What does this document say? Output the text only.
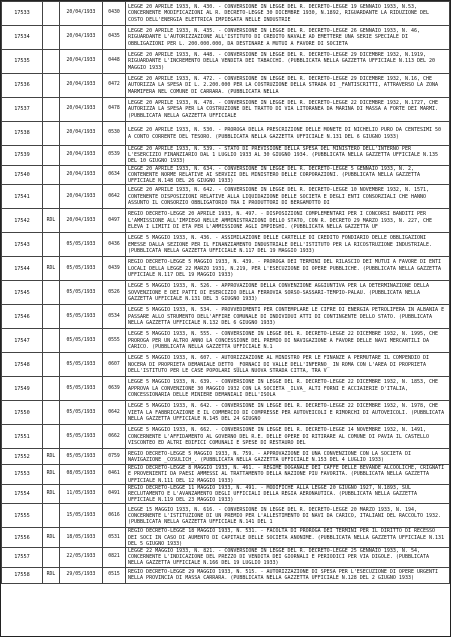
17533		20/04/1933	0430	LEGGE 20 APRILE 1933, N. 430. - CONVERSIONE IN LEGGE DEL R. DECRETO-LEGGE 19 GENNAIO 1933, N.53, CONCERNENTE MODIFICAZIONI AL R. DECRETO-LEGGE 30 DICEMBRE 1930, N.1892, RIGUARDANTE LA RIDUZIONE DEL COSTO DELL'ENERGIA ELETTRICA IMPIEGATA NELLE INDUSTRIE
17534		20/04/1933	0435	LEGGE 20 APRILE 1933, N. 435. - CONVERSIONE IN LEGGE DEL R. DECRETO-LEGGE 26 GENNAIO 1933, N. 46, RIGUARDANTE L'AUTORIZZAZIONE ALL'ISTITUTO DI CREDITO NAVALE AD EMETTERE UNA SERIE SPECIALE DI OBBLIGAZIONI PER L. 200.000.000, DA DESTINARE A MUTUI A FAVORE DI SOCIETA
17535		20/04/1933	0448	LEGGE 20 APRILE 1933, N. 448. - CONVERSIONE IN LEGGE DEL R. DECRETO-LEGGE 29 DICEMBRE 1932, N.1919, RIGUARDANTE L'INCREMENTO DELLA VENDITA DEI TABACCHI. (PUBBLICATA NELLA GAZZETTA UFFICIALE N.113 DEL 20 MAGGIO 1933)
17536		20/04/1933	0472	LEGGE 20 APRILE 1933, N. 472. - CONVERSIONE IN LEGGE DEL R. DECRETO-LEGGE 29 DICEMBRE 1932, N.16, CHE AUTORIZZA LA SPESA DI L. 2.200.000 PER LA COSTRUZIONE DELLA STRADA DI _FANTISCRITTI, ATTRAVERSO LA ZONA MARMIFERA NEL COMUNE DI CARRARA. (PUBBLICATA NELLA
17537		20/04/1933	0478	LEGGE 20 APRILE 1933, N. 478. - CONVERSIONE IN LEGGE DEL R. DECRETO-LEGGE 22 DICEMBRE 1932, N.1727, CHE AUTORIZZA LA SPESA PER LA COSTRUZIONE DEL TRATTO DI VIA LITORANEA DA MARINA DI MASSA A FORTE DEI MARMI. (PUBBLICATA NELLA GAZZETTA UFFICIALE
17538		20/04/1933	0530	LEGGE 20 APRILE 1933, N. 530. - PROROGA DELLA PRESCRIZIONE DELLE MONETE DI NICHELIO PURO DA CENTESIMI 50 A CONTO CORRENTE DEL TESORO. (PUBBLICATA NELLA GAZZETTA UFFICIALE N.131 DEL 6 GIUGNO 1933)
17539		20/04/1933	0539	LEGGE 20 APRILE 1933, N. 539. - STATO DI PREVISIONE DELLA SPESA DEL MINISTERO DELL'INTERNO PER L'ESERCIZIO FINANZIARIO DAL 1 LUGLIO 1933 AL 30 GIUGNO 1934. (PUBBLICATA NELLA GAZZETTA UFFICIALE N.135 DEL 10 GIUGNO 1933)
17540		20/04/1933	0634	LEGGE 20 APRILE 1933, N. 634. - CONVERSIONE IN LEGGE DEL R. DECRETO-LEGGE 5 GENNAIO 1933, N. 2, CONTENENTE NORME RELATIVE AI SERVIZI DEL MINISTERO DELLE CORPORAZIONI. (PUBBLICATA NELLA GAZZETTA UFFICIALE N.148 DEL 26 GIUGNO 1933)
17541		20/04/1933	0642	LEGGE 20 APRILE 1933, N. 642. - CONVERSIONE IN LEGGE DEL R. DECRETO-LEGGE 10 NOVEMBRE 1932, N. 1571, CONTENENTE DISPOSIZIONI RELATIVE ALLA LIQUIDAZIONE DELLE SOCIETA E DEGLI ENTI CONSORZIALI CHE HANNO ASSUNTO IL CONSORZIO OBBLIGATORIO TRA I PRODUTTORI DI BERGAMOTTO DI
17542	RDL	20/04/1933	0497	REGIO DECRETO-LEGGE 20 APRILE 1933, N. 497. - DISPOSIZIONI COMPLEMENTARI PER I CONCORSI BANDITI PER L'AMMISSIONE ALL'IMPIEGO NELLE AMMINISTRAZIONI DELLO STATO, CON R. DECRETO 29 MARZO 1933, N. 227, CHE ELEVA I LIMITI DI ETA PER L'AMMISSIONE AGLI IMPIEGHI. (PUBBLICATA NELLA GAZZETTA UF
17543		05/05/1933	0436	LEGGE 5 MAGGIO 1933, N. 436. - ASSIMILAZIONE DELLE CARTELLE DI CREDITO FONDIARIO DELLE OBBLIGAZIONI EMESSE DALLA SEZIONE PER IL FINANZIAMENTO INDUSTRIALE DELL'ISTITUTO PER LA RICOSTRUZIONE INDUSTRIALE. (PUBBLICATA NELLA GAZZETTA UFFICIALE N.117 DEL 19 MAGGIO 1933)
17544	RDL	05/05/1933	0439	REGIO DECRETO-LEGGE 5 MAGGIO 1933, N. 439. - PROROGA DEI TERMINI DEL RILASCIO DEI MUTUI A FAVORE DI ENTI LOCALI DELLA LEGGE 22 MARZO 1931, N.219, PER L'ESECUZIONE DI OPERE PUBBLICHE. (PUBBLICATA NELLA GAZZETTA UFFICIALE N.117 DEL 19 MAGGIO 1933)
17545		05/05/1933	0526	LEGGE 5 MAGGIO 1933, N. 526. - APPROVAZIONE DELLA CONVENZIONE AGGIUNTIVA PER LA DETERMINAZIONE DELLA SOVVENZIONE E DEI PATTI DI ESERCIZIO DELLA FERROVIA SORSO-SASSARI-TEMPIO-PALAU. (PUBBLICATA NELLA GAZZETTA UFFICIALE N.131 DEL 3 GIUGNO 1933)
17546		05/05/1933	0534	LEGGE 5 MAGGIO 1933, N. 534. - PROVVEDIMENTI PER CONTEMPLARE LE CIFRE DI ENERGIA PETROLIFERA IN ALBANIA E PASSARE ALLO STRUMENTO DELL'AFFIRE COMUNALE DI INDIVIDUI ATTI DI CONTINGENTE DELLO STATO. (PUBBLICATA NELLA GAZZETTA UFFICIALE N.132 DEL 6 GIUGNO 1933)
17547		05/05/1933	0555	LEGGE 5 MAGGIO 1933, N. 555. - CONVERSIONE IN LEGGE DEL R. DECRETO-LEGGE 22 DICEMBRE 1932, N. 1995, CHE PROROGA PER UN ALTRO ANNO LA CONCESSIONE DEL PREMIO DI NAVIGAZIONE A FAVORE DELLE NAVI MERCANTILI DA CARICO. (PUBBLICATA NELLA GAZZETTA UFFICIALE N.1
17548		05/05/1933	0607	LEGGE 5 MAGGIO 1933, N. 607. - AUTORIZZAZIONE AL MINISTRO PER LE FINANZE A PERMUTARE IL COMPENDIO DI NOCERA DI PROPRIETA DEMANIALE DETTO _FORNACI DI VALLE DELL'INFERNO_ IN ROMA CON L'AREA DI PROPRIETA DELL'ISTITUTO PER LE CASE POPOLARI SULLA NUOVA STRADA CITTA, TRA V
17549		05/05/1933	0639	LEGGE 5 MAGGIO 1933, N. 639. - CONVERSIONE IN LEGGE DEL R. DECRETO-LEGGE 22 DICEMBRE 1932, N. 1853, CHE APPROVA LA CONVENZIONE 30 MAGGIO 1932 CON LA SOCIETA _ILVA_ ALTI FORNI E ACCIAIERIE D'ITALIA, CONCESSIONARIA DELLE MINIERE DEMANIALI DELL'ISOLA
17550		05/05/1933	0642	LEGGE 5 MAGGIO 1933, N. 642. - CONVERSIONE IN LEGGE DEL R. DECRETO-LEGGE 22 DICEMBRE 1932, N. 1978, CHE VIETA LA FABBRICAZIONE E IL COMMERCIO DI COMPRESSE PER AUTOVEICOLI E RIMORCHI DI AUTOVEICOLI. (PUBBLICATA NELLA GAZZETTA UFFICIALE N.145 DEL 24 GIUGNO
17551		05/05/1933	0662	LEGGE 5 MAGGIO 1933, N. 662. - CONVERSIONE IN LEGGE DEL R. DECRETO-LEGGE 14 NOVEMBRE 1932, N. 1491, CONCERNENTE L'AFFIDAMENTO AL GOVERNO DEL R.E. DELLE OPERE DI RITIRARE AL COMUNE DI PAVIA IL CASTELLO VISCONTEO ED ALTRI EDIFICI COMUNALI E SPESE DI RESTAURO DEL
17552	RDL	05/05/1933	0759	REGIO DECRETO-LEGGE 5 MAGGIO 1933, N. 759. - APPROVAZIONE DI UNA CONVENZIONE CON LA SOCIETA DI NAVIGAZIONE _COSULICH_. (PUBBLICATA NELLA GAZZETTA UFFICIALE N.153 DEL 4 LUGLIO 1933)
17553	RDL	08/05/1933	0461	REGIO DECRETO-LEGGE 8 MAGGIO 1933, N. 461. - REGIME DOGANALE DEI CAFFE DELLE BEVANDE ALCOOLICHE, CRIGNATI E PROVENIENTI DA PAESI AMMESSI AL TRATTAMENTO DELLA NAZIONE PIU FAVORITA. (PUBBLICATA NELLA GAZZETTA UFFICIALE N.111 DEL 12 MAGGIO 1933)
17554	RDL	11/05/1933	0491	REGIO DECRETO-LEGGE 11 MAGGIO 1933, N. 491. - MODIFICHE ALLA LEGGE 20 GIUGNO 1927, N.1893, SUL RECLUTAMENTO E L'AVANZAMENTO DEGLI UFFICIALI DELLA REGIA AERONAUTICA. (PUBBLICATA NELLA GAZZETTA UFFICIALE N.119 DEL 23 MAGGIO 1933)
17555		15/05/1933	0616	LEGGE 15 MAGGIO 1933, N. 616. - CONVERSIONE IN LEGGE DEL R. DECRETO-LEGGE 20 MARZO 1933, N. 194, CONCERNENTE L'ISTITUZIONE DI UN PREMIO PER L'ALLESTIMENTO DI NAVI DA CARICO, ITALIANI DEL RACCOLTO 1932. (PUBBLICATA NELLA GAZZETTA UFFICIALE N.141 DEL 1
17556	RDL	18/05/1933	0531	REGIO DECRETO-LEGGE 18 MAGGIO 1933, N. 531. - FACOLTA DI PROROGA DEI TERMINI PER IL DIRITTO DI RECESSO DEI SOCI IN CASO DI AUMENTO DI CAPITALE DELLE SOCIETA ANONIME. (PUBBLICATA NELLA GAZZETTA UFFICIALE N.131 DEL 5 GIUGNO 1933)
17557		22/05/1933	0821	LEGGE 22 MAGGIO 1933, N. 821. - CONVERSIONE IN LEGGE DEL R. DECRETO-LEGGE 25 GENNAIO 1933, N. 54, CONCERNENTE L'INDICAZIONE DEL PREZZO DI VENDITA DEI GIORNALI E PERIODICI PER VIA DIGOLE. (PUBBLICATA NELLA GAZZETTA UFFICIALE N.166 DEL 19 LUGLIO 1933)
17558	RDL	29/05/1933	0515	REGIO DECRETO-LEGGE 29 MAGGIO 1933, N. 515. - AUTORIZZAZIONE DI SPESA PER L'ESECUZIONE DI OPERE URGENTI NELLA PROVINCIA DI MASSA CARRARA. (PUBBLICATA NELLA GAZZETTA UFFICIALE N.128 DEL 2 GIUGNO 1933)
